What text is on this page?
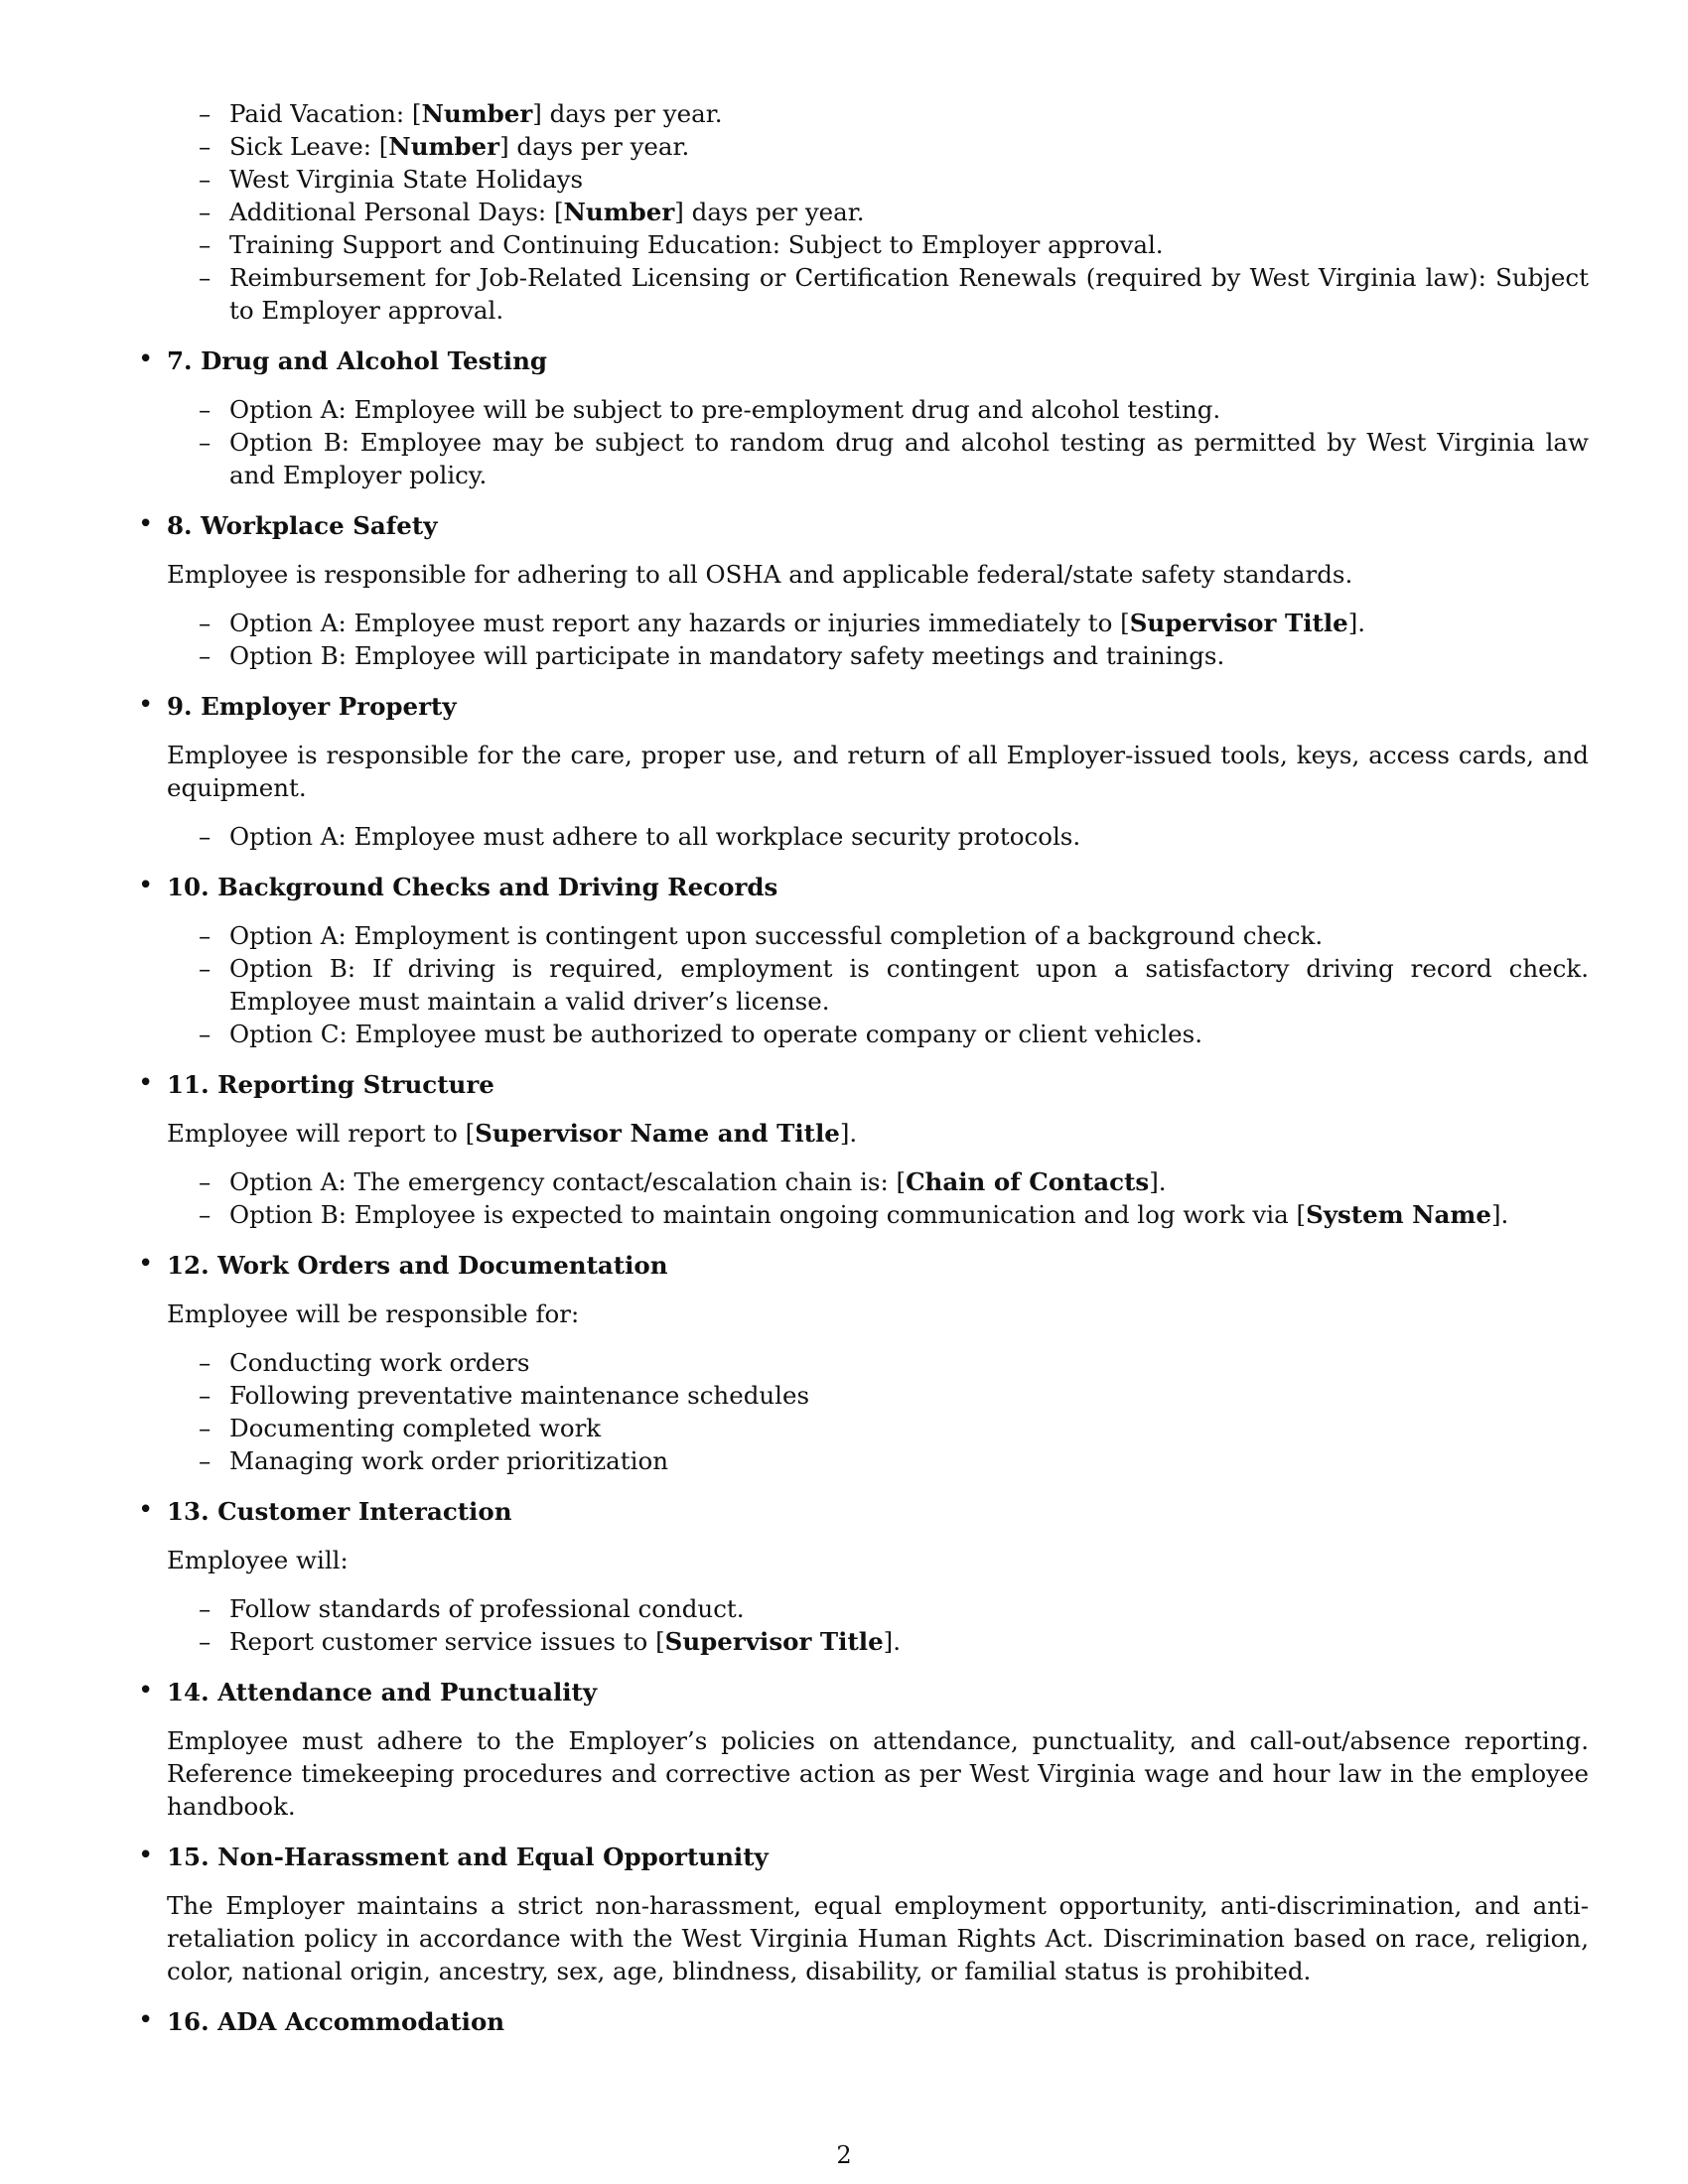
– Paid Vacation: [Number] days per year.
– Sick Leave: [Number] days per year.
– West Virginia State Holidays
– Additional Personal Days: [Number] days per year.
– Training Support and Continuing Education: Subject to Employer approval.
– Reimbursement for Job-Related Licensing or Certification Renewals (required by West Virginia law): Subject to Employer approval.
• 7. Drug and Alcohol Testing
– Option A: Employee will be subject to pre-employment drug and alcohol testing.
– Option B: Employee may be subject to random drug and alcohol testing as permitted by West Virginia law and Employer policy.
• 8. Workplace Safety
Employee is responsible for adhering to all OSHA and applicable federal/state safety standards.
– Option A: Employee must report any hazards or injuries immediately to [Supervisor Title].
– Option B: Employee will participate in mandatory safety meetings and trainings.
• 9. Employer Property
Employee is responsible for the care, proper use, and return of all Employer-issued tools, keys, access cards, and equipment.
– Option A: Employee must adhere to all workplace security protocols.
• 10. Background Checks and Driving Records
– Option A: Employment is contingent upon successful completion of a background check.
– Option B: If driving is required, employment is contingent upon a satisfactory driving record check. Employee must maintain a valid driver’s license.
– Option C: Employee must be authorized to operate company or client vehicles.
• 11. Reporting Structure
Employee will report to [Supervisor Name and Title].
– Option A: The emergency contact/escalation chain is: [Chain of Contacts].
– Option B: Employee is expected to maintain ongoing communication and log work via [System Name].
• 12. Work Orders and Documentation
Employee will be responsible for:
– Conducting work orders
– Following preventative maintenance schedules
– Documenting completed work
– Managing work order prioritization
• 13. Customer Interaction
Employee will:
– Follow standards of professional conduct.
– Report customer service issues to [Supervisor Title].
• 14. Attendance and Punctuality
Employee must adhere to the Employer’s policies on attendance, punctuality, and call-out/absence reporting. Reference timekeeping procedures and corrective action as per West Virginia wage and hour law in the employee handbook.
• 15. Non-Harassment and Equal Opportunity
The Employer maintains a strict non-harassment, equal employment opportunity, anti-discrimination, and anti-retaliation policy in accordance with the West Virginia Human Rights Act. Discrimination based on race, religion, color, national origin, ancestry, sex, age, blindness, disability, or familial status is prohibited.
• 16. ADA Accommodation
2
